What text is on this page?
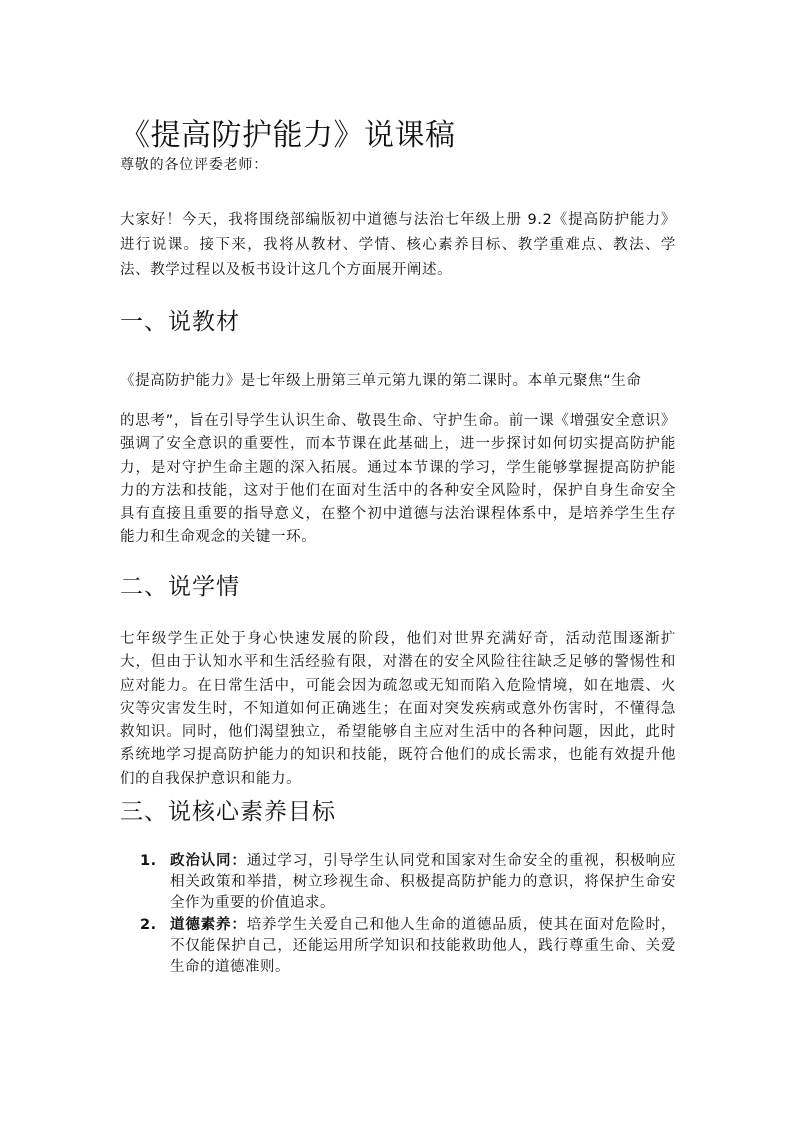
《提高防护能力》说课稿
尊敬的各位评委老师：

大家好！今天，我将围绕部编版初中道德与法治七年级上册 9.2《提高防护能力》进行说课。接下来，我将从教材、学情、核心素养目标、教学重难点、教法、学法、教学过程以及板书设计这几个方面展开阐述。

一、说教材

《提高防护能力》是七年级上册第三单元第九课的第二课时。本单元聚焦“生命

的思考”，旨在引导学生认识生命、敬畏生命、守护生命。前一课《增强安全意识》强调了安全意识的重要性，而本节课在此基础上，进一步探讨如何切实提高防护能力，是对守护生命主题的深入拓展。通过本节课的学习，学生能够掌握提高防护能力的方法和技能，这对于他们在面对生活中的各种安全风险时，保护自身生命安全具有直接且重要的指导意义，在整个初中道德与法治课程体系中，是培养学生生存能力和生命观念的关键一环。

二、说学情

七年级学生正处于身心快速发展的阶段，他们对世界充满好奇，活动范围逐渐扩大，但由于认知水平和生活经验有限，对潜在的安全风险往往缺乏足够的警惕性和应对能力。在日常生活中，可能会因为疏忽或无知而陷入危险情境，如在地震、火灾等灾害发生时，不知道如何正确逃生；在面对突发疾病或意外伤害时，不懂得急救知识。同时，他们渴望独立，希望能够自主应对生活中的各种问题，因此，此时系统地学习提高防护能力的知识和技能，既符合他们的成长需求，也能有效提升他们的自我保护意识和能力。

三、说核心素养目标
1. 政治认同：通过学习，引导学生认同党和国家对生命安全的重视，积极响应相关政策和举措，树立珍视生命、积极提高防护能力的意识，将保护生命安全作为重要的价值追求。
2. 道德素养：培养学生关爱自己和他人生命的道德品质，使其在面对危险时，不仅能保护自己，还能运用所学知识和技能救助他人，践行尊重生命、关爱生命的道德准则。
